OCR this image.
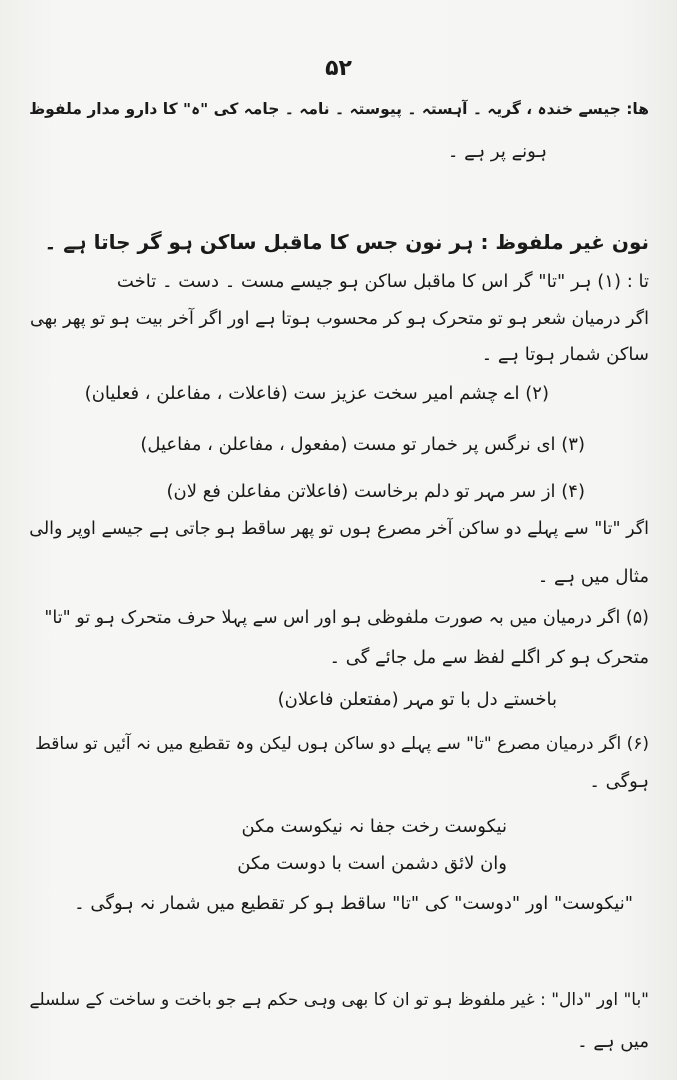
۵۲
ھا: جیسے خندہ ، گریہ ۔ آہستہ ۔ پیوستہ ۔ نامہ ۔ جامہ کی "ہ" کا دارو مدار ملفوظ
ہونے پر ہے ۔
نون غیر ملفوظ : ہر نون جس کا ماقبل ساکن ہو گر جاتا ہے ۔
تا : (۱) ہر "تا" گر اس کا ماقبل ساکن ہو جیسے مست ۔ دست ۔ تاخت
اگر درمیان شعر ہو تو متحرک ہو کر محسوب ہوتا ہے اور اگر آخر بیت ہو تو پھر بھی
ساکن شمار ہوتا ہے ۔
(۲) اے چشم امیر سخت عزیز ست (فاعلات ، مفاعلن ، فعلیان)
(۳) ای نرگس پر خمار تو مست (مفعول ، مفاعلن ، مفاعیل)
(۴) از سر مہر تو دلم برخاست (فاعلاتن مفاعلن فع لان)
اگر "تا" سے پہلے دو ساکن آخر مصرع ہوں تو پھر ساقط ہو جاتی ہے جیسے اوپر والی
مثال میں ہے ۔
(۵) اگر درمیان میں بہ صورت ملفوظی ہو اور اس سے پہلا حرف متحرک ہو تو "تا"
متحرک ہو کر اگلے لفظ سے مل جائے گی ۔
باخستے دل با تو مہر (مفتعلن فاعلان)
(۶) اگر درمیان مصرع "تا" سے پہلے دو ساکن ہوں لیکن وہ تقطیع میں نہ آئیں تو ساقط
ہوگی ۔
نیکوست رخت جفا نہ نیکوست مکن
وان لائق دشمن است با دوست مکن
"نیکوست" اور "دوست" کی "تا" ساقط ہو کر تقطیع میں شمار نہ ہوگی ۔
"با" اور "دال" : غیر ملفوظ ہو تو ان کا بھی وہی حکم ہے جو باخت و ساخت کے سلسلے
میں ہے ۔
